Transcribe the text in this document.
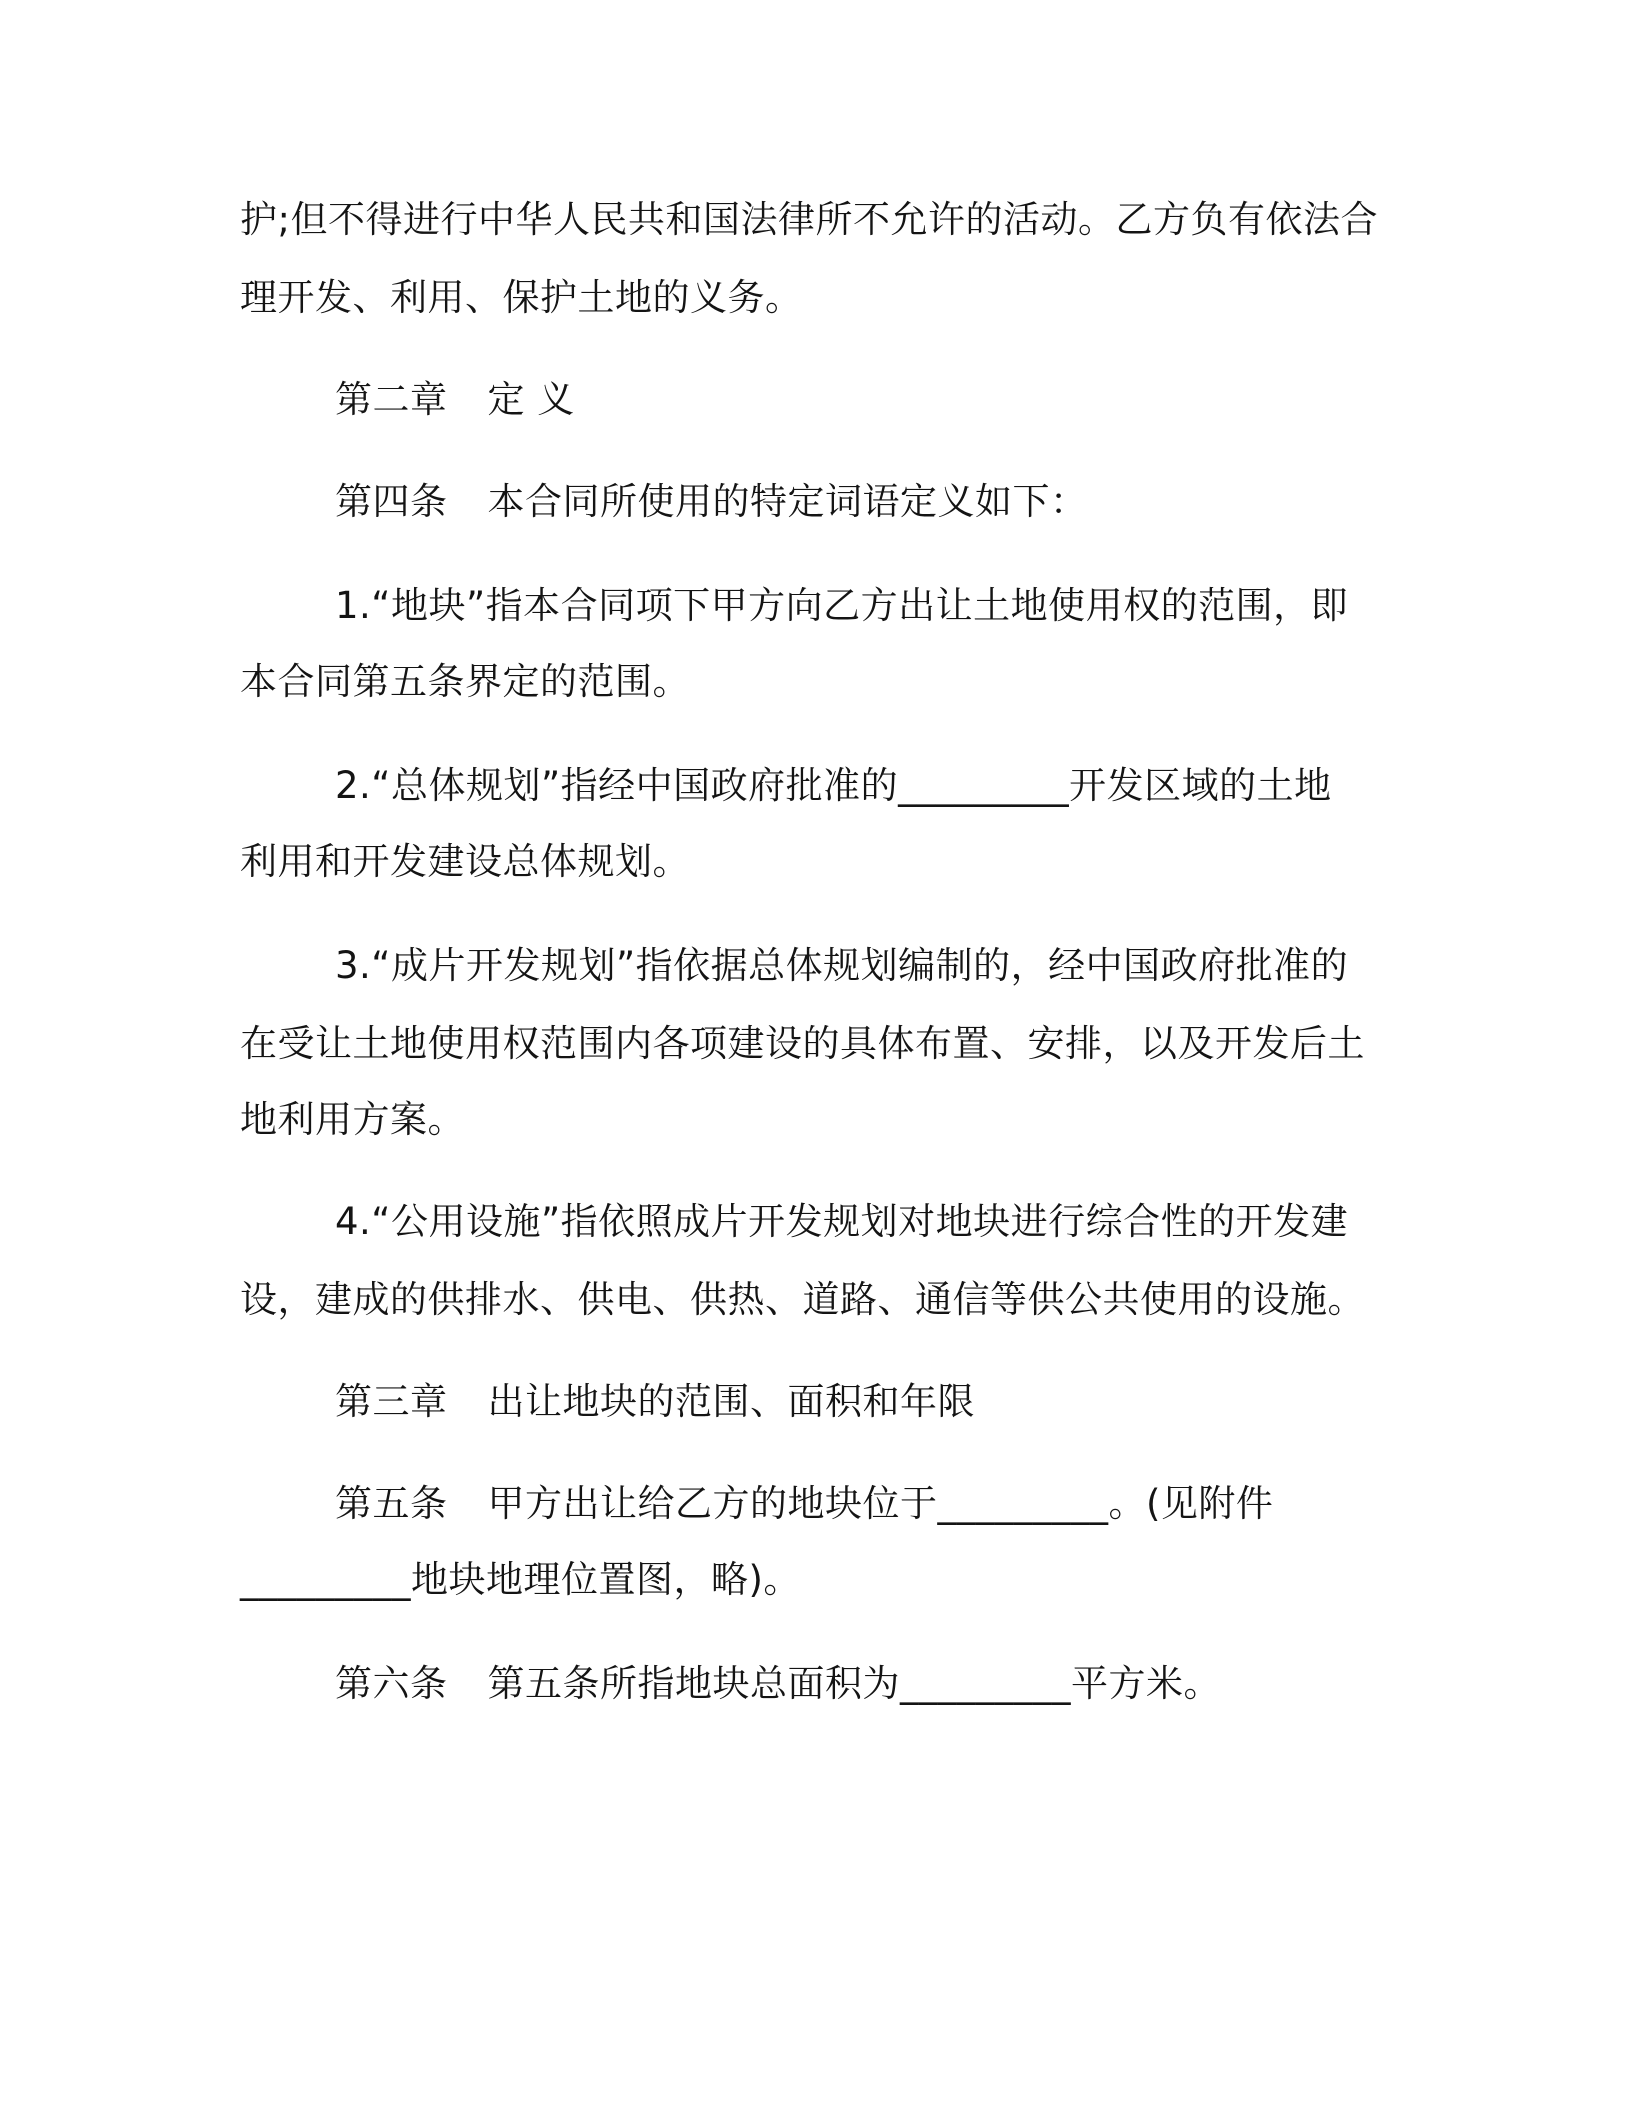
护;但不得进行中华人民共和国法律所不允许的活动。乙方负有依法合
理开发、利用、保护土地的义务。
第二章 定 义
第四条 本合同所使用的特定词语定义如下：
1.“地块”指本合同项下甲方向乙方出让土地使用权的范围，即
本合同第五条界定的范围。
2.“总体规划”指经中国政府批准的_________开发区域的土地
利用和开发建设总体规划。
3.“成片开发规划”指依据总体规划编制的，经中国政府批准的
在受让土地使用权范围内各项建设的具体布置、安排，以及开发后土
地利用方案。
4.“公用设施”指依照成片开发规划对地块进行综合性的开发建
设，建成的供排水、供电、供热、道路、通信等供公共使用的设施。
第三章 出让地块的范围、面积和年限
第五条 甲方出让给乙方的地块位于_________。(见附件
_________地块地理位置图，略)。
第六条 第五条所指地块总面积为_________平方米。
